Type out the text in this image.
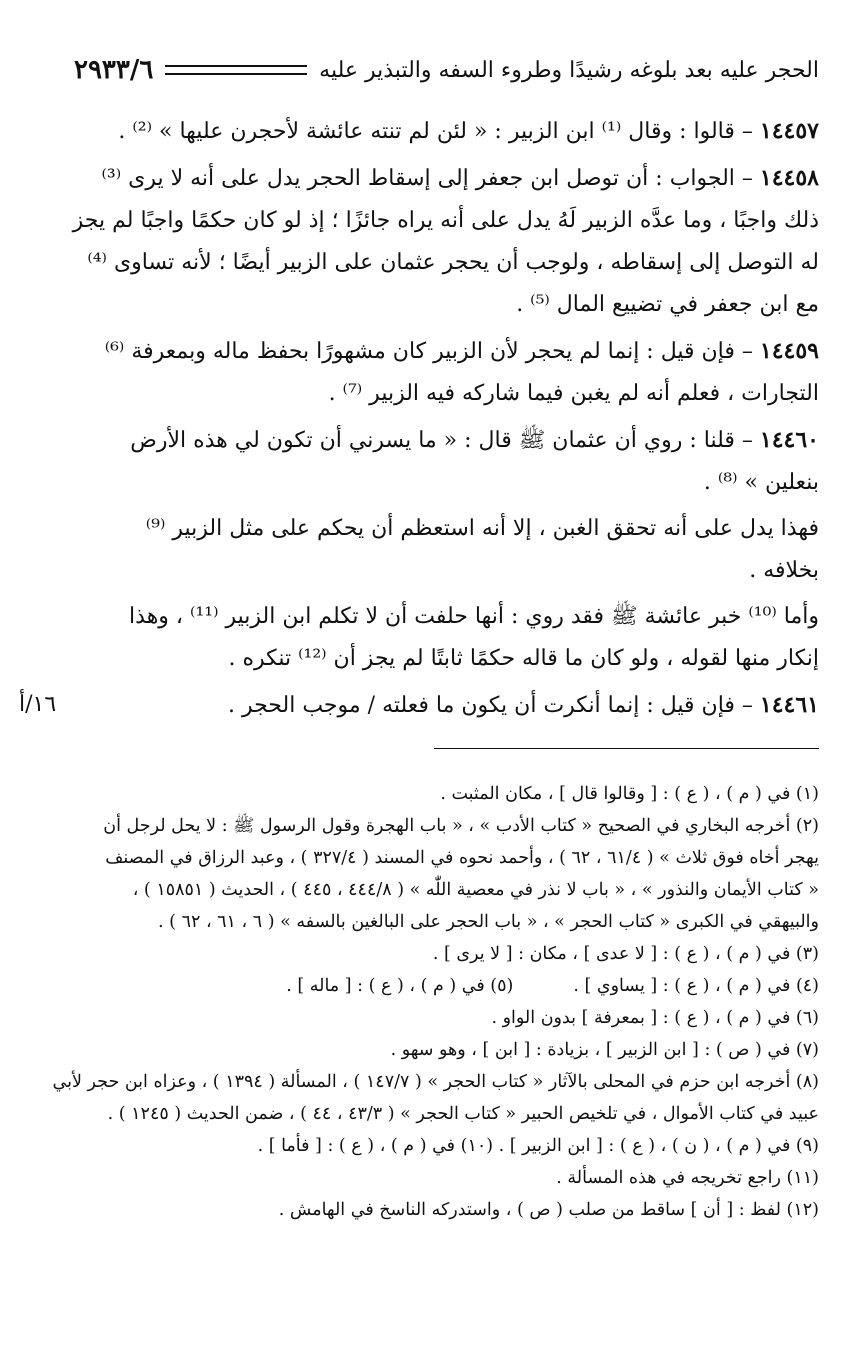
٢٩٣٣/٦	الحجر عليه بعد بلوغه رشيدًا وطروء السفه والتبذير عليه
١٤٤٥٧ – قالوا : وقال ⁽¹⁾ ابن الزبير : « لئن لم تنته عائشة لأحجرن عليها » ⁽²⁾ .
١٤٤٥٨ – الجواب : أن توصل ابن جعفر إلى إسقاط الحجر يدل على أنه لا يرى ⁽³⁾
ذلك واجبًا ، وما عدَّه الزبير لَهُ يدل على أنه يراه جائزًا ؛ إذ لو كان حكمًا واجبًا لم يجز
له التوصل إلى إسقاطه ، ولوجب أن يحجر عثمان على الزبير أيضًا ؛ لأنه تساوى ⁽⁴⁾
مع ابن جعفر في تضييع المال ⁽⁵⁾ .
١٤٤٥٩ – فإن قيل : إنما لم يحجر لأن الزبير كان مشهورًا بحفظ ماله وبمعرفة ⁽⁶⁾
التجارات ، فعلم أنه لم يغبن فيما شاركه فيه الزبير ⁽⁷⁾ .
١٤٤٦٠ – قلنا : روي أن عثمان ﷺ قال : « ما يسرني أن تكون لي هذه الأرض
بنعلين » ⁽⁸⁾ .
فهذا يدل على أنه تحقق الغبن ، إلا أنه استعظم أن يحكم على مثل الزبير ⁽⁹⁾
بخلافه .
وأما ⁽¹⁰⁾ خبر عائشة ﷺ فقد روي : أنها حلفت أن لا تكلم ابن الزبير ⁽¹¹⁾ ، وهذا
إنكار منها لقوله ، ولو كان ما قاله حكمًا ثابتًا لم يجز أن ⁽¹²⁾ تنكره .
١٤٤٦١ – فإن قيل : إنما أنكرت أن يكون ما فعلته / موجب الحجر .
١٦/أ
(١) في ( م ) ، ( ع ) : [ وقالوا قال ] ، مكان المثبت .
(٢) أخرجه البخاري في الصحيح « كتاب الأدب » ، « باب الهجرة وقول الرسول ﷺ : لا يحل لرجل أن
يهجر أخاه فوق ثلاث » ( ٦١/٤ ، ٦٢ ) ، وأحمد نحوه في المسند ( ٣٢٧/٤ ) ، وعبد الرزاق في المصنف
« كتاب الأيمان والنذور » ، « باب لا نذر في معصية اللّٰه » ( ٤٤٤/٨ ، ٤٤٥ ) ، الحديث ( ١٥٨٥١ ) ،
والبيهقي في الكبرى « كتاب الحجر » ، « باب الحجر على البالغين بالسفه » ( ٦ ، ٦١ ، ٦٢ ) .
(٣) في ( م ) ، ( ع ) : [ لا عدى ] ، مكان : [ لا يرى ] .
(٤) في ( م ) ، ( ع ) : [ يساوي ] .
(٥) في ( م ) ، ( ع ) : [ ماله ] .
(٦) في ( م ) ، ( ع ) : [ بمعرفة ] بدون الواو .
(٧) في ( ص ) : [ ابن الزبير ] ، بزيادة : [ ابن ] ، وهو سهو .
(٨) أخرجه ابن حزم في المحلى بالآثار « كتاب الحجر » ( ١٤٧/٧ ) ، المسألة ( ١٣٩٤ ) ، وعزاه ابن حجر لأبي
عبيد في كتاب الأموال ، في تلخيص الحبير « كتاب الحجر » ( ٤٣/٣ ، ٤٤ ) ، ضمن الحديث ( ١٢٤٥ ) .
(٩) في ( م ) ، ( ن ) ، ( ع ) : [ ابن الزبير ] . (١٠) في ( م ) ، ( ع ) : [ فأما ] .
(١١) راجع تخريجه في هذه المسألة .
(١٢) لفظ : [ أن ] ساقط من صلب ( ص ) ، واستدركه الناسخ في الهامش .
